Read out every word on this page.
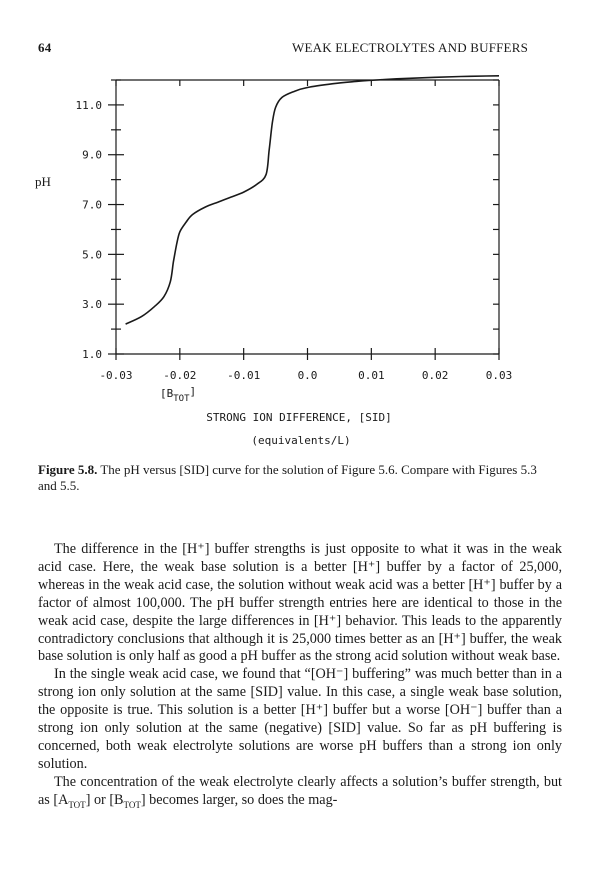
64	WEAK ELECTROLYTES AND BUFFERS
-0.03	-0.02	-0.01	0.0	0.01	0.02	0.03
1.0
3.0
5.0
7.0
9.0
11.0
pH
$[B_{TOT}]$
STRONG ION DIFFERENCE, [SID]
(equivalents/L)
Figure 5.8. The pH versus [SID] curve for the solution of Figure 5.6. Compare with Figures 5.3 and 5.5.

The difference in the [H⁺] buffer strengths is just opposite to what it was in the weak acid case. Here, the weak base solution is a better [H⁺] buffer by a factor of 25,000, whereas in the weak acid case, the solution without weak acid was a better [H⁺] buffer by a factor of almost 100,000. The pH buffer strength entries here are identical to those in the weak acid case, despite the large differences in [H⁺] behavior. This leads to the apparently contradictory conclusions that although it is 25,000 times better as an [H⁺] buffer, the weak base solution is only half as good a pH buffer as the strong acid solution without weak base.

In the single weak acid case, we found that “[OH⁻] buffering” was much better than in a strong ion only solution at the same [SID] value. In this case, a single weak base solution, the opposite is true. This solution is a better [H⁺] buffer but a worse [OH⁻] buffer than a strong ion only solution at the same (negative) [SID] value. So far as pH buffering is concerned, both weak electrolyte solutions are worse pH buffers than a strong ion only solution.

The concentration of the weak electrolyte clearly affects a solution’s buffer strength, but as $[A_{TOT}]$ or $[B_{TOT}]$ becomes larger, so does the mag-
